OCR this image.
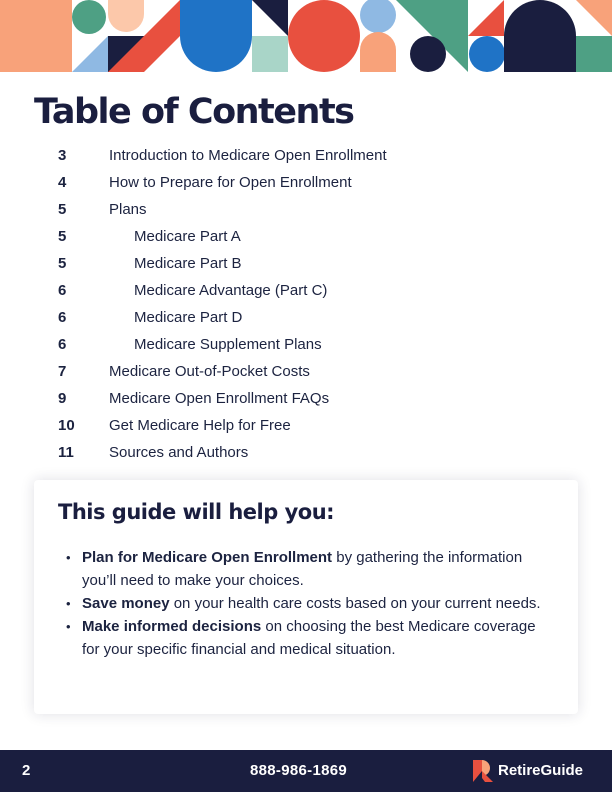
Table of Contents
3	Introduction to Medicare Open Enrollment
4	How to Prepare for Open Enrollment
5	Plans
5	Medicare Part A
5	Medicare Part B
6	Medicare Advantage (Part C)
6	Medicare Part D
6	Medicare Supplement Plans
7	Medicare Out-of-Pocket Costs
9	Medicare Open Enrollment FAQs
10	Get Medicare Help for Free
11	Sources and Authors
This guide will help you:
• Plan for Medicare Open Enrollment by gathering the information you’ll need to make your choices.
• Save money on your health care costs based on your current needs.
• Make informed decisions on choosing the best Medicare coverage for your specific financial and medical situation.
2	888-986-1869	RetireGuide
